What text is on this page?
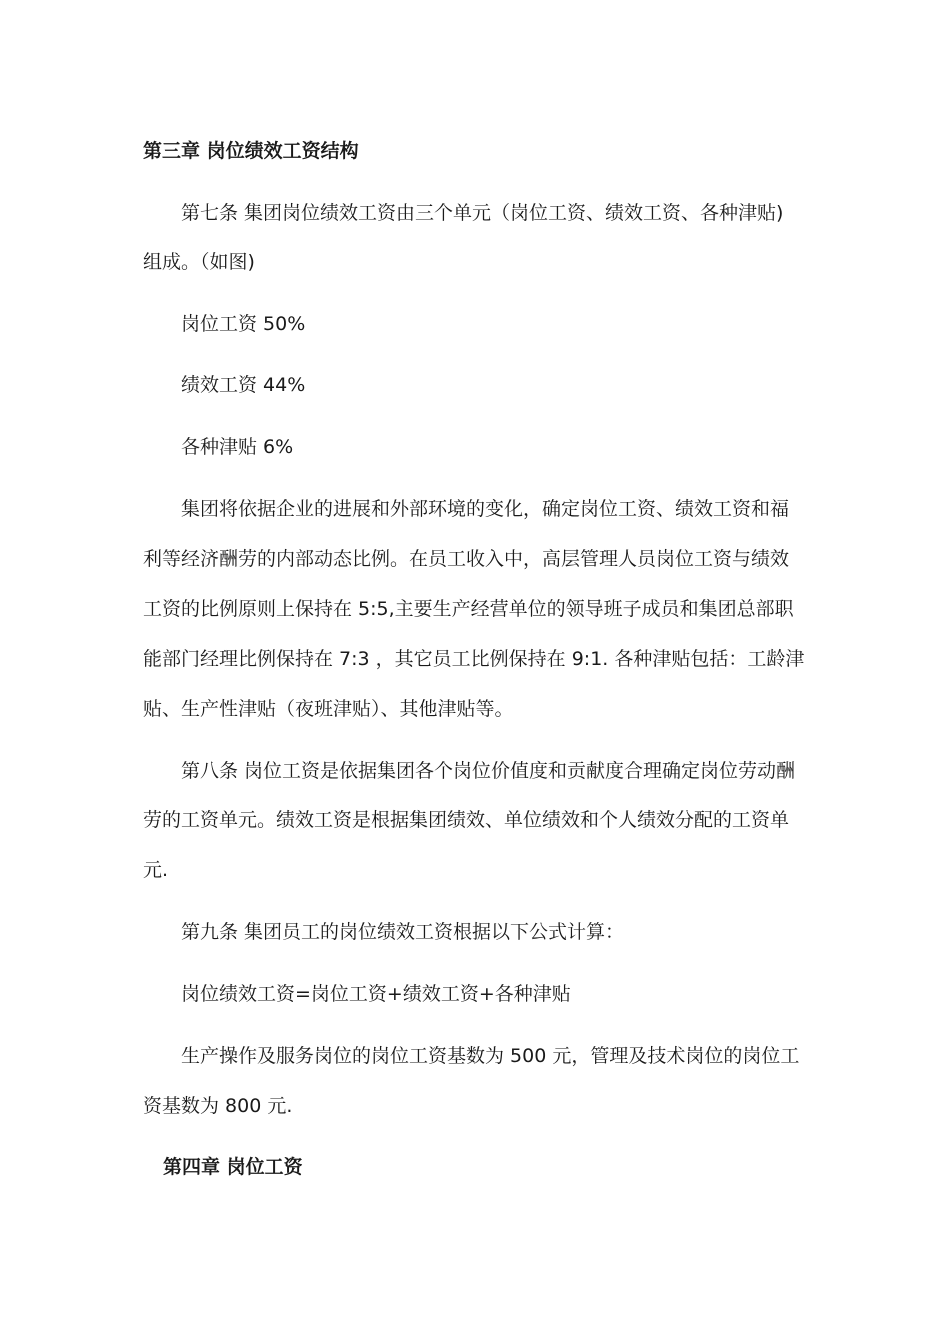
第三章 岗位绩效工资结构

第七条 集团岗位绩效工资由三个单元（岗位工资、绩效工资、各种津贴)

组成。（如图)

岗位工资 50%

绩效工资 44%

各种津贴 6%

集团将依据企业的进展和外部环境的变化，确定岗位工资、绩效工资和福

利等经济酬劳的内部动态比例。在员工收入中，高层管理人员岗位工资与绩效

工资的比例原则上保持在 5:5,主要生产经营单位的领导班子成员和集团总部职

能部门经理比例保持在 7:3 ，其它员工比例保持在 9:1. 各种津贴包括：工龄津

贴、生产性津贴（夜班津贴）、其他津贴等。

第八条 岗位工资是依据集团各个岗位价值度和贡献度合理确定岗位劳动酬

劳的工资单元。绩效工资是根据集团绩效、单位绩效和个人绩效分配的工资单

元.

第九条 集团员工的岗位绩效工资根据以下公式计算：

岗位绩效工资=岗位工资+绩效工资+各种津贴

生产操作及服务岗位的岗位工资基数为 500 元，管理及技术岗位的岗位工

资基数为 800 元.

第四章 岗位工资
